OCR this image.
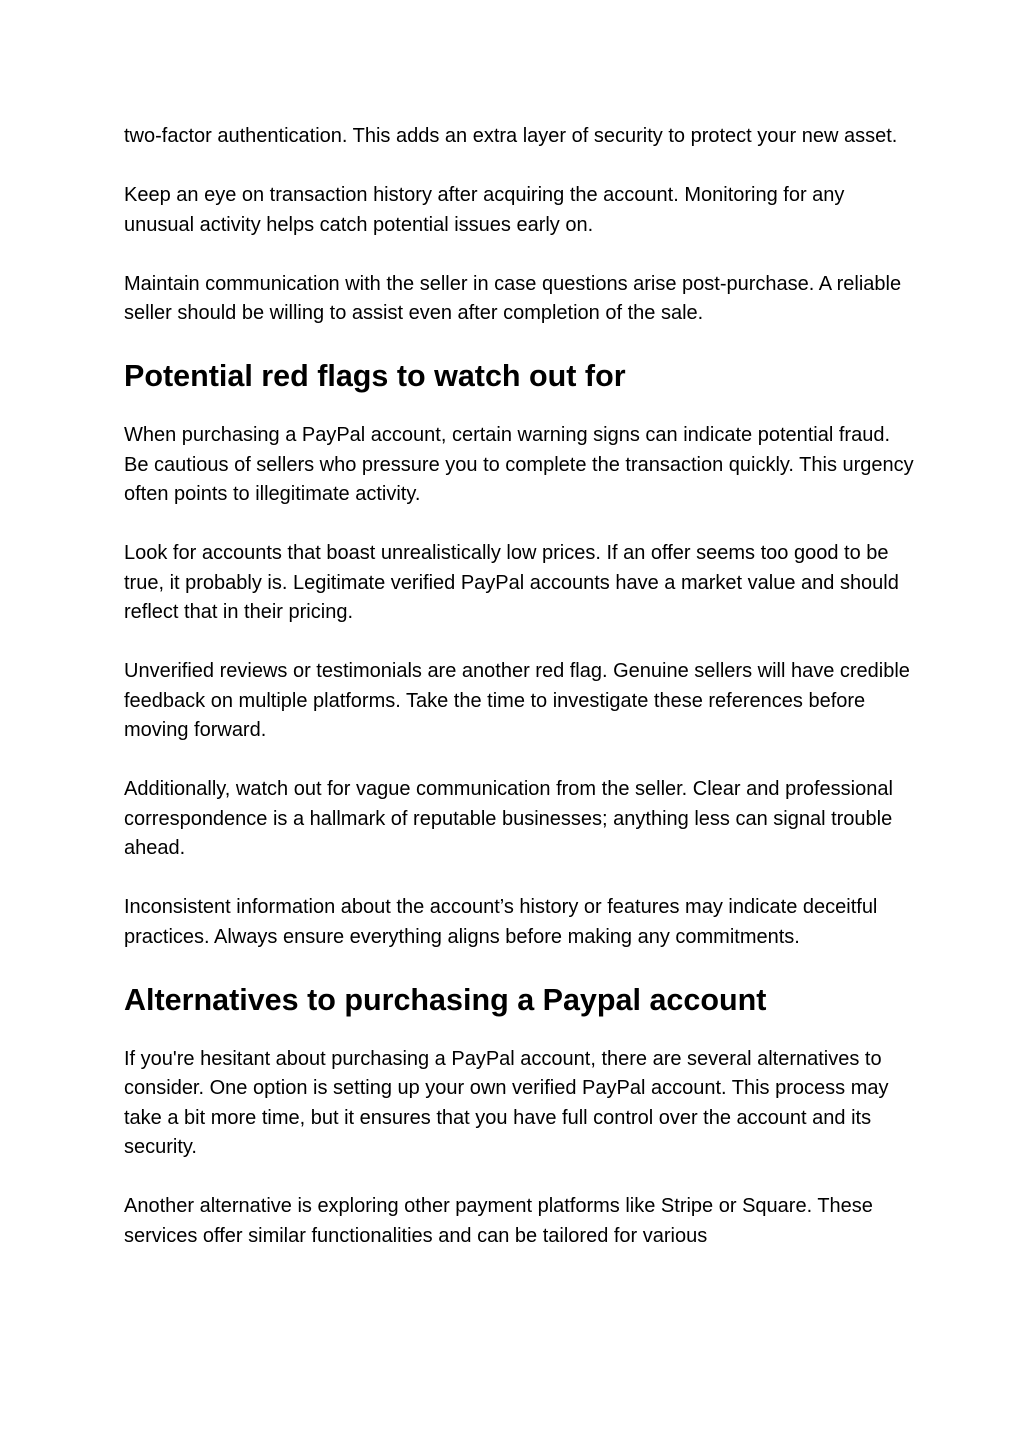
two-factor authentication. This adds an extra layer of security to protect your new asset.

Keep an eye on transaction history after acquiring the account. Monitoring for any unusual activity helps catch potential issues early on.

Maintain communication with the seller in case questions arise post-purchase. A reliable seller should be willing to assist even after completion of the sale.

Potential red flags to watch out for

When purchasing a PayPal account, certain warning signs can indicate potential fraud. Be cautious of sellers who pressure you to complete the transaction quickly. This urgency often points to illegitimate activity.

Look for accounts that boast unrealistically low prices. If an offer seems too good to be true, it probably is. Legitimate verified PayPal accounts have a market value and should reflect that in their pricing.

Unverified reviews or testimonials are another red flag. Genuine sellers will have credible feedback on multiple platforms. Take the time to investigate these references before moving forward.

Additionally, watch out for vague communication from the seller. Clear and professional correspondence is a hallmark of reputable businesses; anything less can signal trouble ahead.

Inconsistent information about the account’s history or features may indicate deceitful practices. Always ensure everything aligns before making any commitments.

Alternatives to purchasing a Paypal account

If you're hesitant about purchasing a PayPal account, there are several alternatives to consider. One option is setting up your own verified PayPal account. This process may take a bit more time, but it ensures that you have full control over the account and its security.

Another alternative is exploring other payment platforms like Stripe or Square. These services offer similar functionalities and can be tailored for various
